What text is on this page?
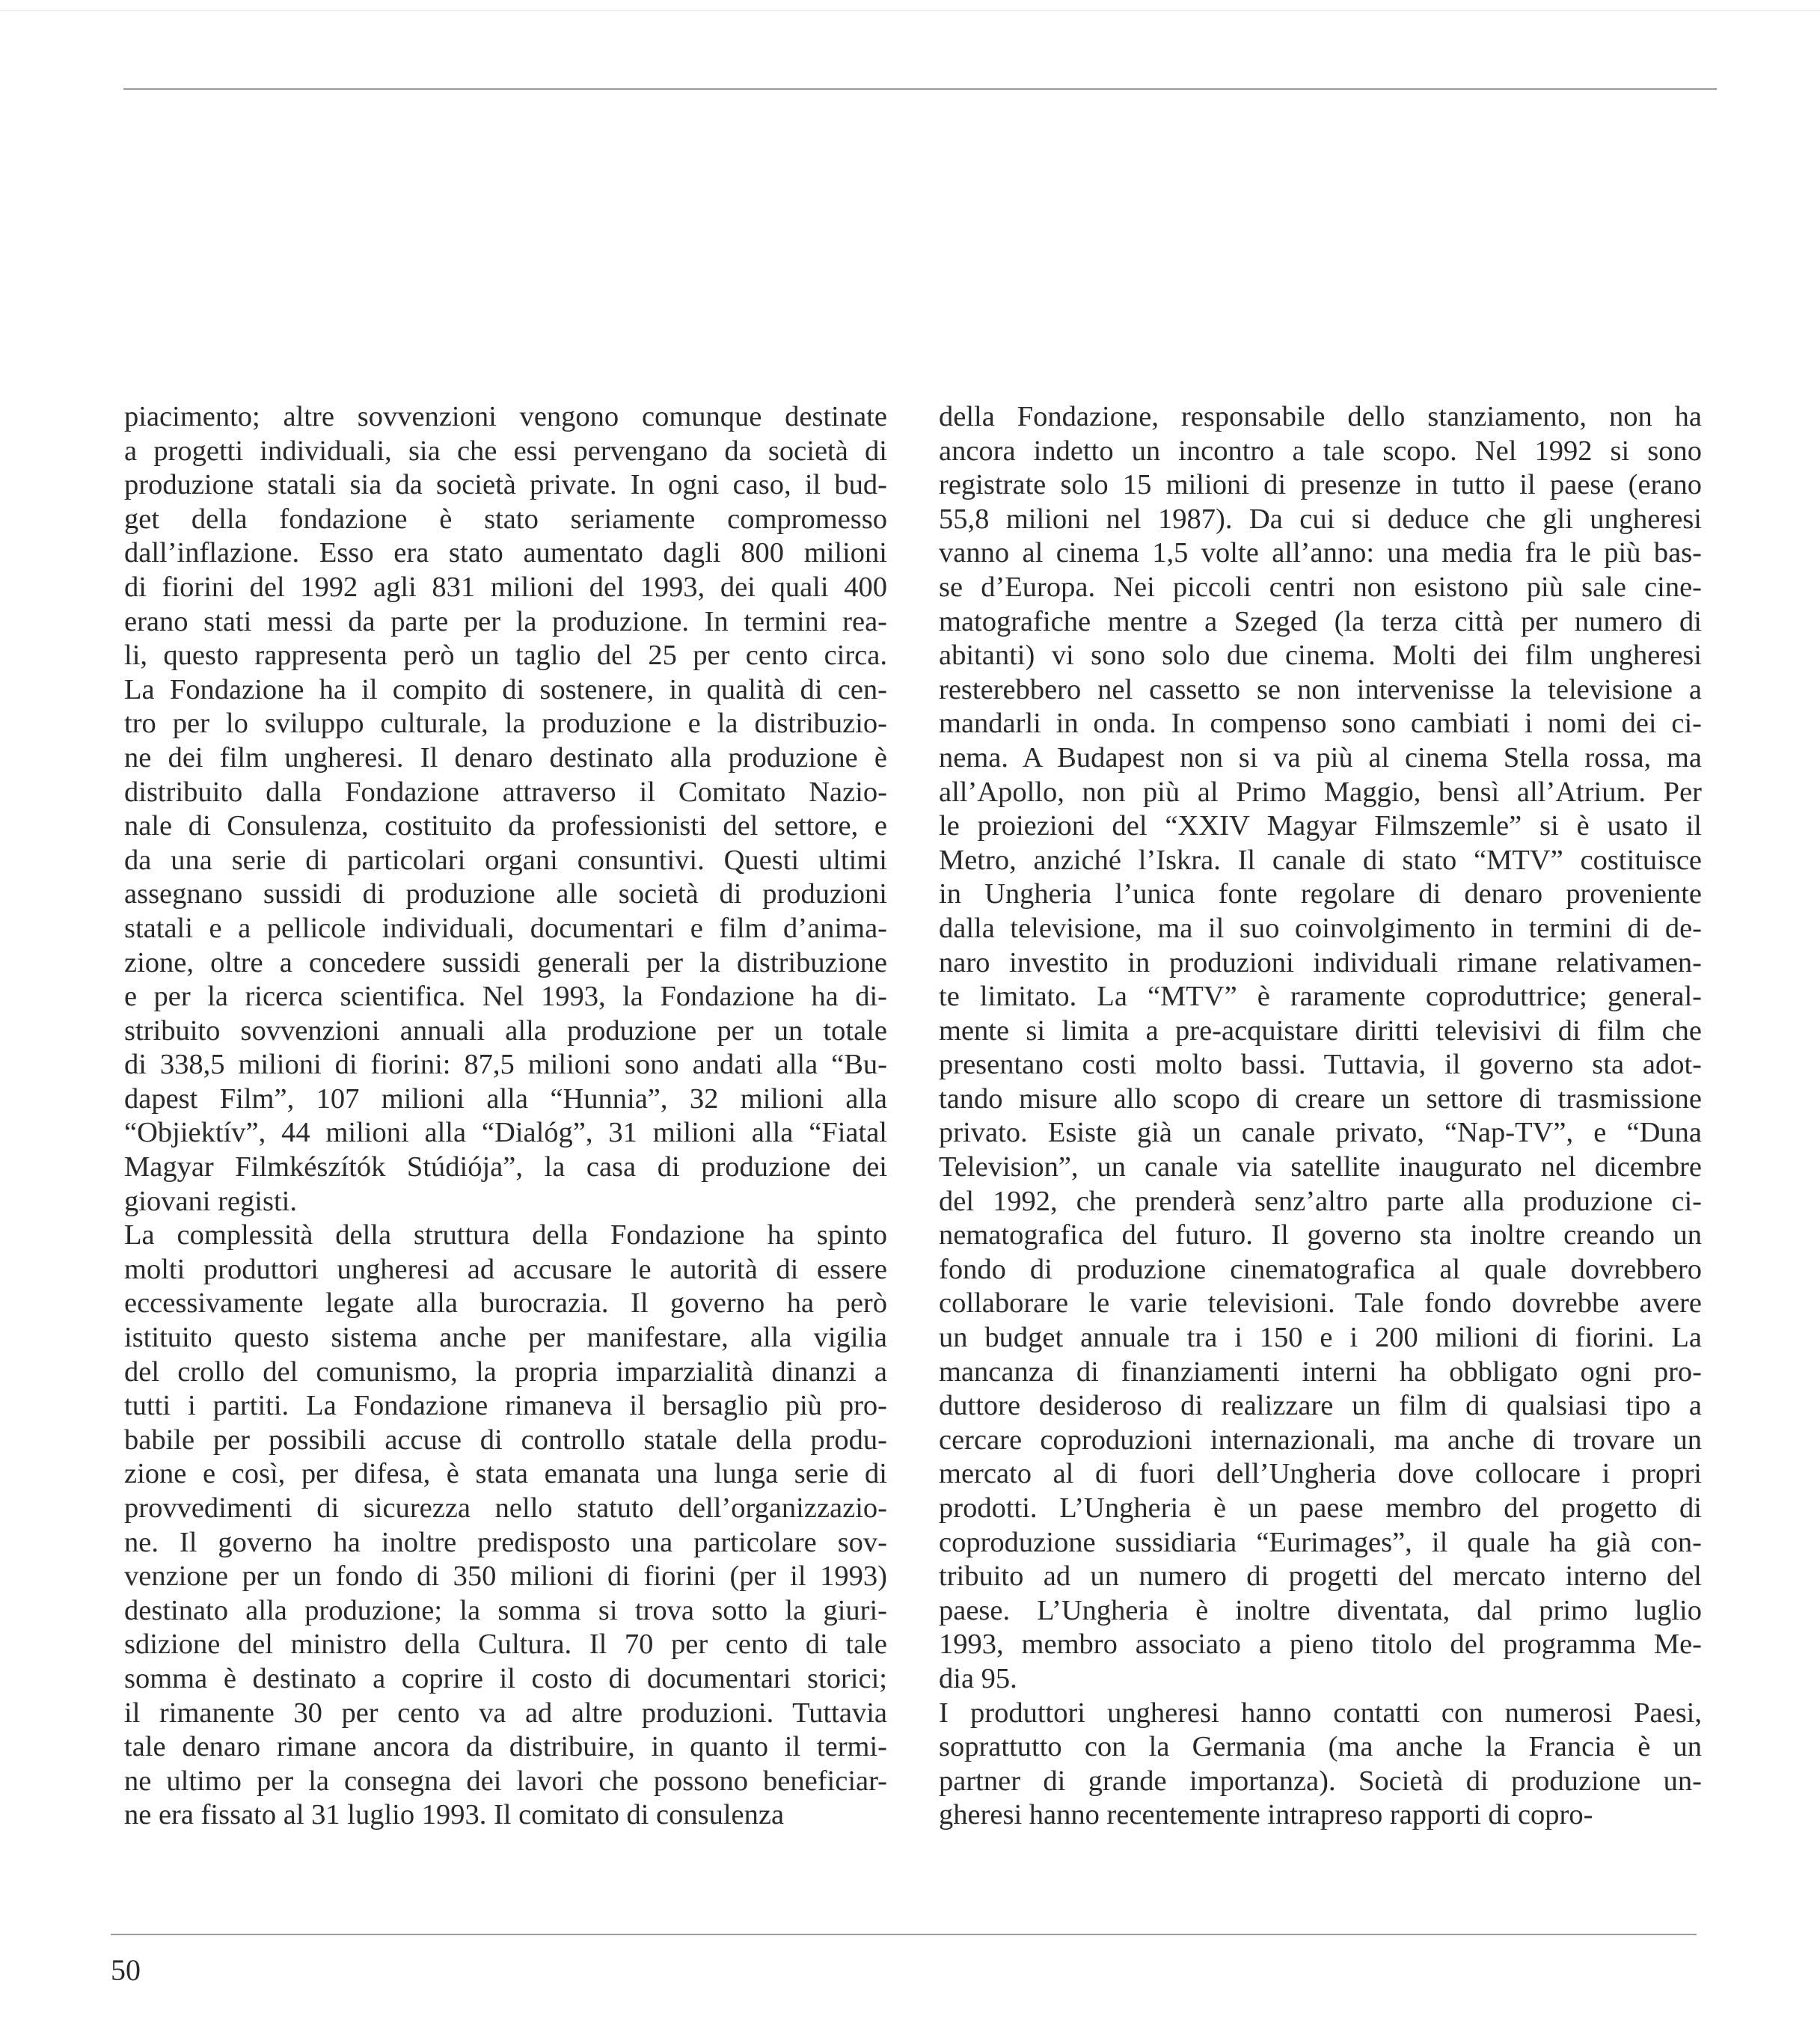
piacimento; altre sovvenzioni vengono comunque destinate
a progetti individuali, sia che essi pervengano da società di
produzione statali sia da società private. In ogni caso, il bud-
get della fondazione è stato seriamente compromesso
dall’inflazione. Esso era stato aumentato dagli 800 milioni
di fiorini del 1992 agli 831 milioni del 1993, dei quali 400
erano stati messi da parte per la produzione. In termini rea-
li, questo rappresenta però un taglio del 25 per cento circa.
La Fondazione ha il compito di sostenere, in qualità di cen-
tro per lo sviluppo culturale, la produzione e la distribuzio-
ne dei film ungheresi. Il denaro destinato alla produzione è
distribuito dalla Fondazione attraverso il Comitato Nazio-
nale di Consulenza, costituito da professionisti del settore, e
da una serie di particolari organi consuntivi. Questi ultimi
assegnano sussidi di produzione alle società di produzioni
statali e a pellicole individuali, documentari e film d’anima-
zione, oltre a concedere sussidi generali per la distribuzione
e per la ricerca scientifica. Nel 1993, la Fondazione ha di-
stribuito sovvenzioni annuali alla produzione per un totale
di 338,5 milioni di fiorini: 87,5 milioni sono andati alla “Bu-
dapest Film”, 107 milioni alla “Hunnia”, 32 milioni alla
“Objiektív”, 44 milioni alla “Dialóg”, 31 milioni alla “Fiatal
Magyar Filmkészítók Stúdiója”, la casa di produzione dei
giovani registi.
La complessità della struttura della Fondazione ha spinto
molti produttori ungheresi ad accusare le autorità di essere
eccessivamente legate alla burocrazia. Il governo ha però
istituito questo sistema anche per manifestare, alla vigilia
del crollo del comunismo, la propria imparzialità dinanzi a
tutti i partiti. La Fondazione rimaneva il bersaglio più pro-
babile per possibili accuse di controllo statale della produ-
zione e così, per difesa, è stata emanata una lunga serie di
provvedimenti di sicurezza nello statuto dell’organizzazio-
ne. Il governo ha inoltre predisposto una particolare sov-
venzione per un fondo di 350 milioni di fiorini (per il 1993)
destinato alla produzione; la somma si trova sotto la giuri-
sdizione del ministro della Cultura. Il 70 per cento di tale
somma è destinato a coprire il costo di documentari storici;
il rimanente 30 per cento va ad altre produzioni. Tuttavia
tale denaro rimane ancora da distribuire, in quanto il termi-
ne ultimo per la consegna dei lavori che possono beneficiar-
ne era fissato al 31 luglio 1993. Il comitato di consulenza
della Fondazione, responsabile dello stanziamento, non ha
ancora indetto un incontro a tale scopo. Nel 1992 si sono
registrate solo 15 milioni di presenze in tutto il paese (erano
55,8 milioni nel 1987). Da cui si deduce che gli ungheresi
vanno al cinema 1,5 volte all’anno: una media fra le più bas-
se d’Europa. Nei piccoli centri non esistono più sale cine-
matografiche mentre a Szeged (la terza città per numero di
abitanti) vi sono solo due cinema. Molti dei film ungheresi
resterebbero nel cassetto se non intervenisse la televisione a
mandarli in onda. In compenso sono cambiati i nomi dei ci-
nema. A Budapest non si va più al cinema Stella rossa, ma
all’Apollo, non più al Primo Maggio, bensì all’Atrium. Per
le proiezioni del “XXIV Magyar Filmszemle” si è usato il
Metro, anziché l’Iskra. Il canale di stato “MTV” costituisce
in Ungheria l’unica fonte regolare di denaro proveniente
dalla televisione, ma il suo coinvolgimento in termini di de-
naro investito in produzioni individuali rimane relativamen-
te limitato. La “MTV” è raramente coproduttrice; general-
mente si limita a pre-acquistare diritti televisivi di film che
presentano costi molto bassi. Tuttavia, il governo sta adot-
tando misure allo scopo di creare un settore di trasmissione
privato. Esiste già un canale privato, “Nap-TV”, e “Duna
Television”, un canale via satellite inaugurato nel dicembre
del 1992, che prenderà senz’altro parte alla produzione ci-
nematografica del futuro. Il governo sta inoltre creando un
fondo di produzione cinematografica al quale dovrebbero
collaborare le varie televisioni. Tale fondo dovrebbe avere
un budget annuale tra i 150 e i 200 milioni di fiorini. La
mancanza di finanziamenti interni ha obbligato ogni pro-
duttore desideroso di realizzare un film di qualsiasi tipo a
cercare coproduzioni internazionali, ma anche di trovare un
mercato al di fuori dell’Ungheria dove collocare i propri
prodotti. L’Ungheria è un paese membro del progetto di
coproduzione sussidiaria “Eurimages”, il quale ha già con-
tribuito ad un numero di progetti del mercato interno del
paese. L’Ungheria è inoltre diventata, dal primo luglio
1993, membro associato a pieno titolo del programma Me-
dia 95.
I produttori ungheresi hanno contatti con numerosi Paesi,
soprattutto con la Germania (ma anche la Francia è un
partner di grande importanza). Società di produzione un-
gheresi hanno recentemente intrapreso rapporti di copro-
50
